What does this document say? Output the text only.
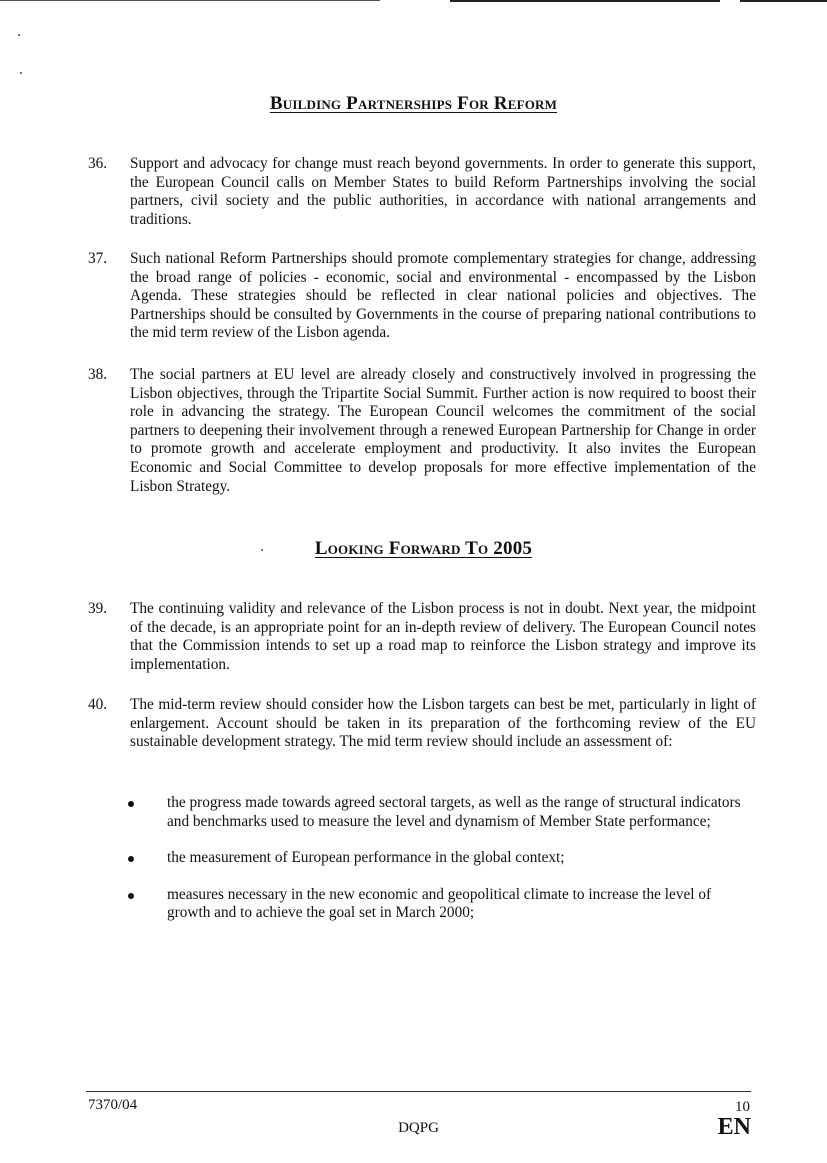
Building Partnerships For Reform
36. Support and advocacy for change must reach beyond governments. In order to generate this support, the European Council calls on Member States to build Reform Partnerships involving the social partners, civil society and the public authorities, in accordance with national arrangements and traditions.
37. Such national Reform Partnerships should promote complementary strategies for change, addressing the broad range of policies - economic, social and environmental - encompassed by the Lisbon Agenda. These strategies should be reflected in clear national policies and objectives. The Partnerships should be consulted by Governments in the course of preparing national contributions to the mid term review of the Lisbon agenda.
38. The social partners at EU level are already closely and constructively involved in progressing the Lisbon objectives, through the Tripartite Social Summit. Further action is now required to boost their role in advancing the strategy. The European Council welcomes the commitment of the social partners to deepening their involvement through a renewed European Partnership for Change in order to promote growth and accelerate employment and productivity. It also invites the European Economic and Social Committee to develop proposals for more effective implementation of the Lisbon Strategy.
Looking Forward To 2005
39. The continuing validity and relevance of the Lisbon process is not in doubt. Next year, the midpoint of the decade, is an appropriate point for an in-depth review of delivery. The European Council notes that the Commission intends to set up a road map to reinforce the Lisbon strategy and improve its implementation.
40. The mid-term review should consider how the Lisbon targets can best be met, particularly in light of enlargement. Account should be taken in its preparation of the forthcoming review of the EU sustainable development strategy. The mid term review should include an assessment of:
the progress made towards agreed sectoral targets, as well as the range of structural indicators and benchmarks used to measure the level and dynamism of Member State performance;
the measurement of European performance in the global context;
measures necessary in the new economic and geopolitical climate to increase the level of growth and to achieve the goal set in March 2000;
7370/04	10
DQPG	EN
